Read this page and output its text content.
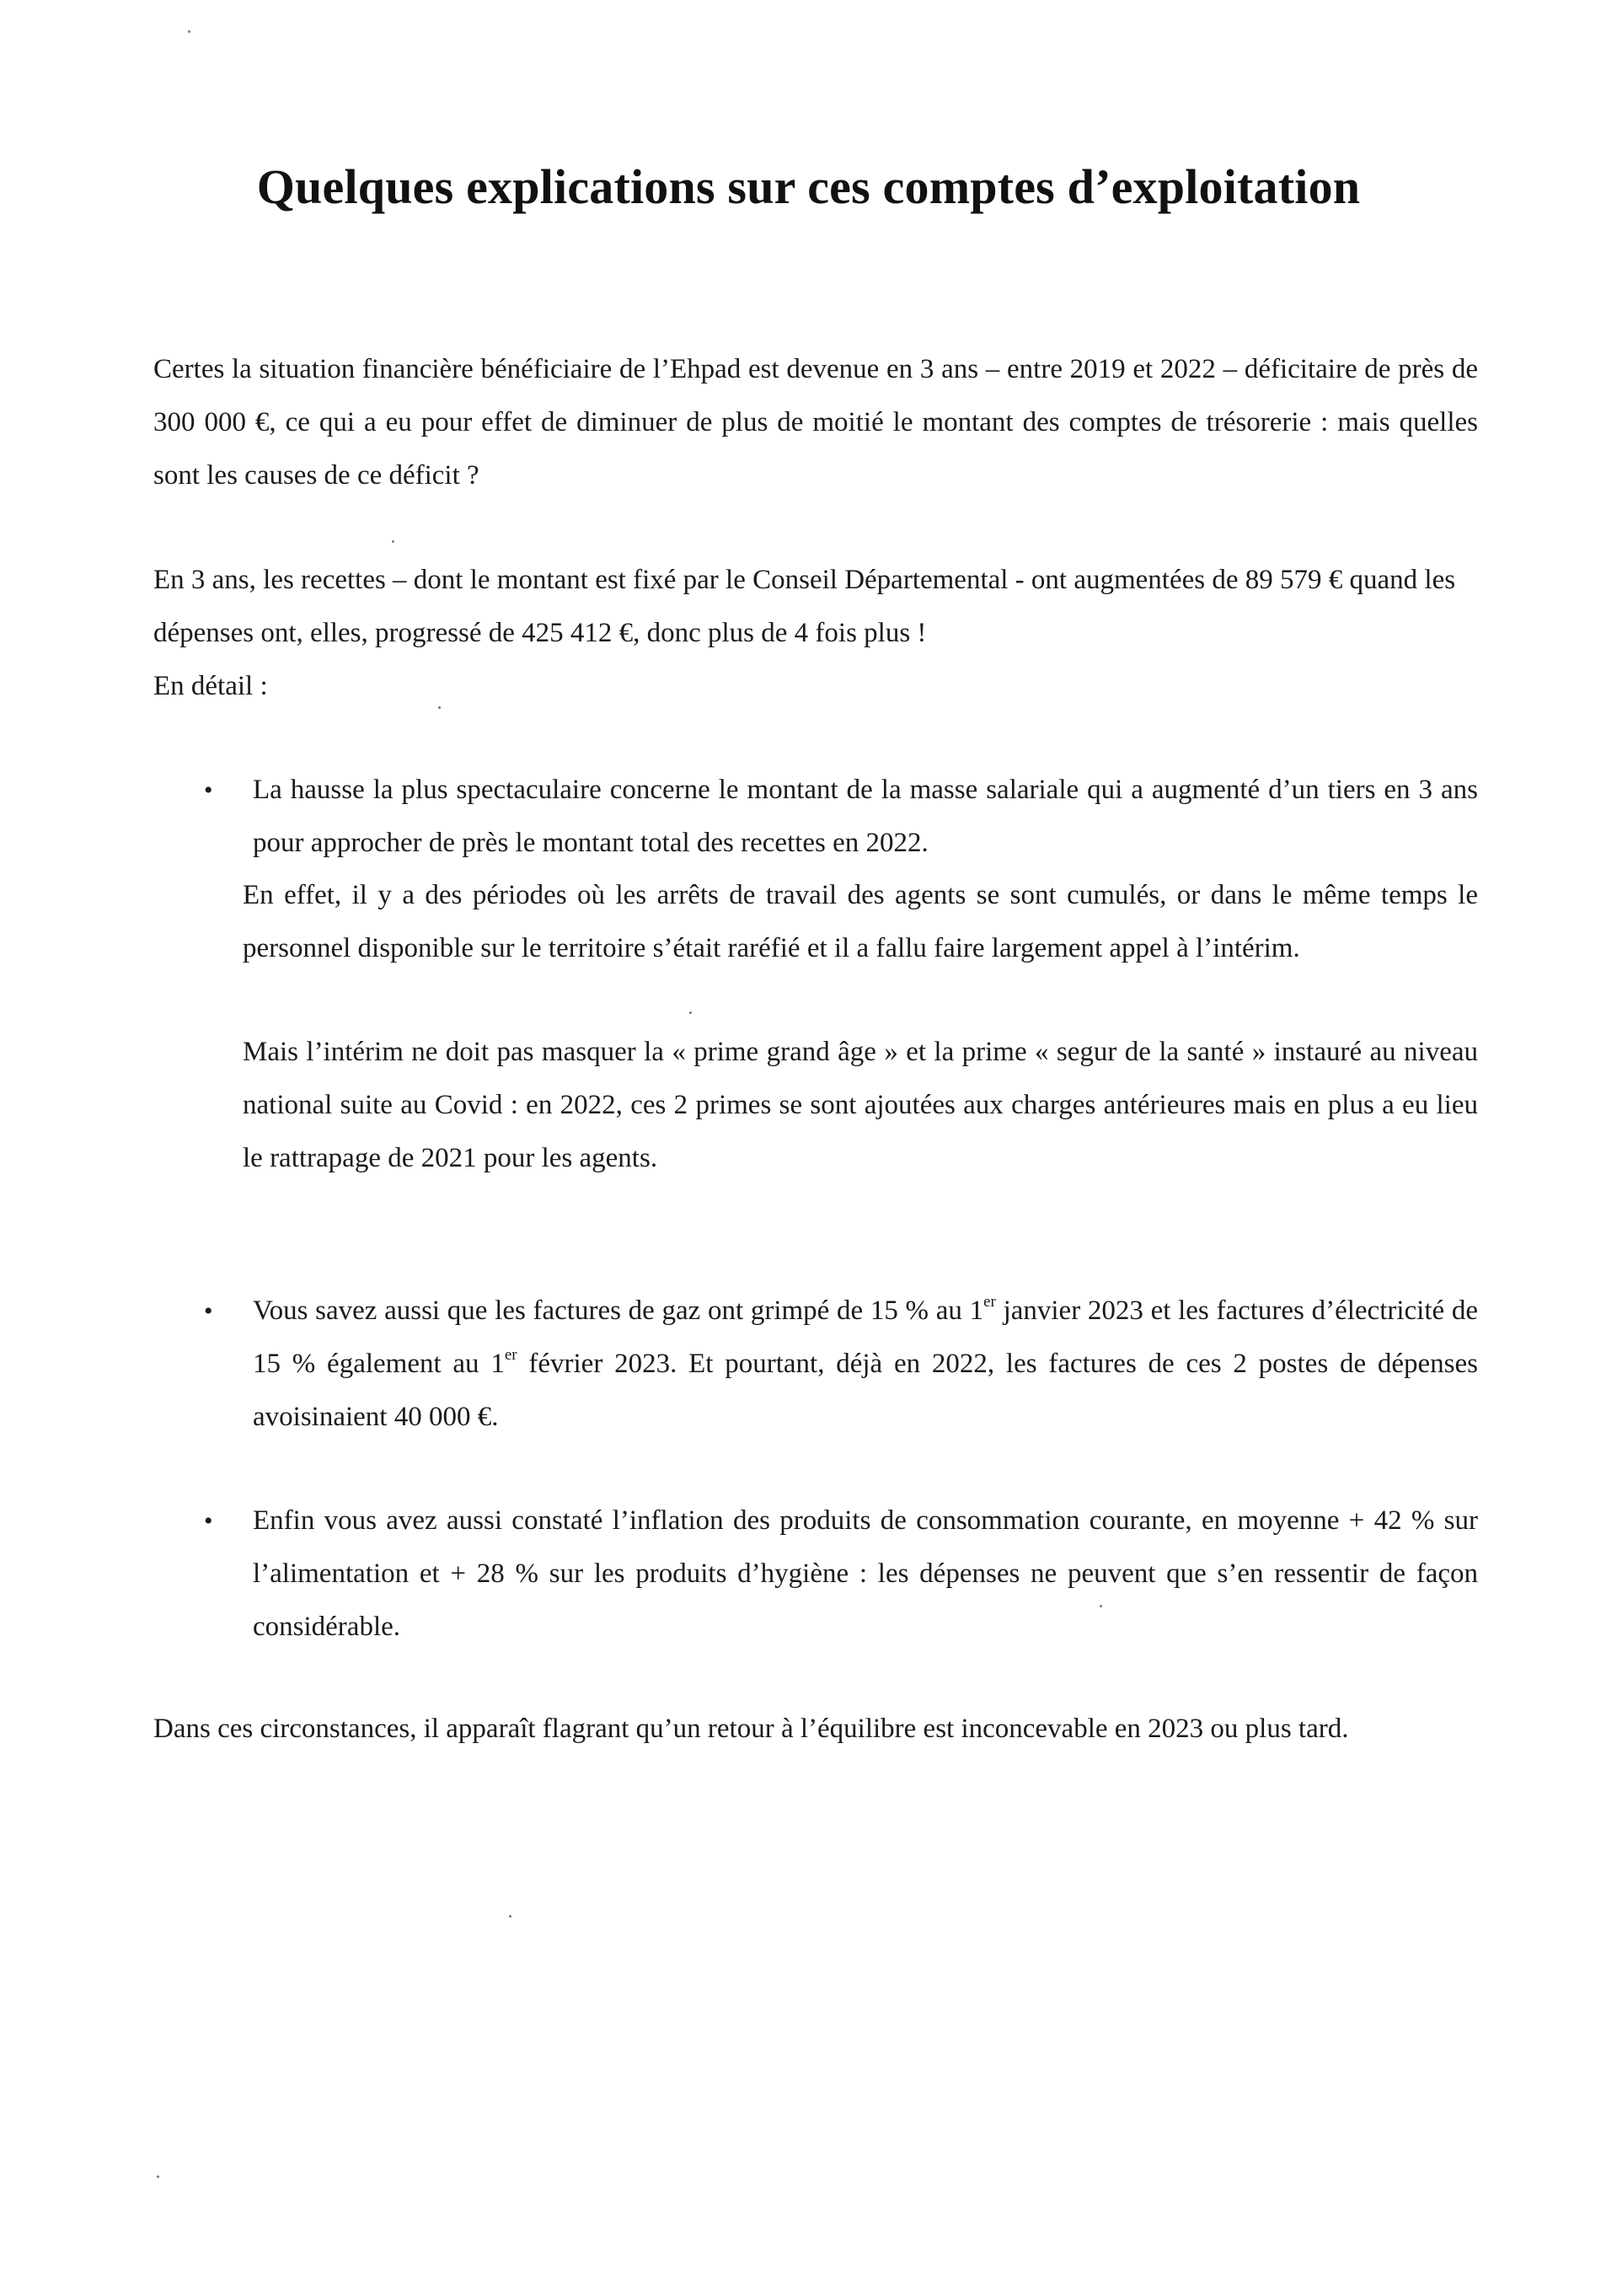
Quelques explications sur ces comptes d’exploitation

Certes la situation financière bénéficiaire de l’Ehpad est devenue en 3 ans – entre 2019 et 2022 – déficitaire de près de 300 000 €, ce qui a eu pour effet de diminuer de plus de moitié le montant des comptes de trésorerie : mais quelles sont les causes de ce déficit ?

En 3 ans, les recettes – dont le montant est fixé par le Conseil Départemental - ont augmentées de 89 579 € quand les dépenses ont, elles, progressé de 425 412 €, donc plus de 4 fois plus !

En détail :

• La hausse la plus spectaculaire concerne le montant de la masse salariale qui a augmenté d’un tiers en 3 ans pour approcher de près le montant total des recettes en 2022.

En effet, il y a des périodes où les arrêts de travail des agents se sont cumulés, or dans le même temps le personnel disponible sur le territoire s’était raréfié et il a fallu faire largement appel à l’intérim.

Mais l’intérim ne doit pas masquer la « prime grand âge » et la prime « segur de la santé » instauré au niveau national suite au Covid : en 2022, ces 2 primes se sont ajoutées aux charges antérieures mais en plus a eu lieu le rattrapage de 2021 pour les agents.

• Vous savez aussi que les factures de gaz ont grimpé de 15 % au 1er janvier 2023 et les factures d’électricité de 15 % également au 1er février 2023. Et pourtant, déjà en 2022, les factures de ces 2 postes de dépenses avoisinaient 40 000 €.

• Enfin vous avez aussi constaté l’inflation des produits de consommation courante, en moyenne + 42 % sur l’alimentation et + 28 % sur les produits d’hygiène : les dépenses ne peuvent que s’en ressentir de façon considérable.

Dans ces circonstances, il apparaît flagrant qu’un retour à l’équilibre est inconcevable en 2023 ou plus tard.
